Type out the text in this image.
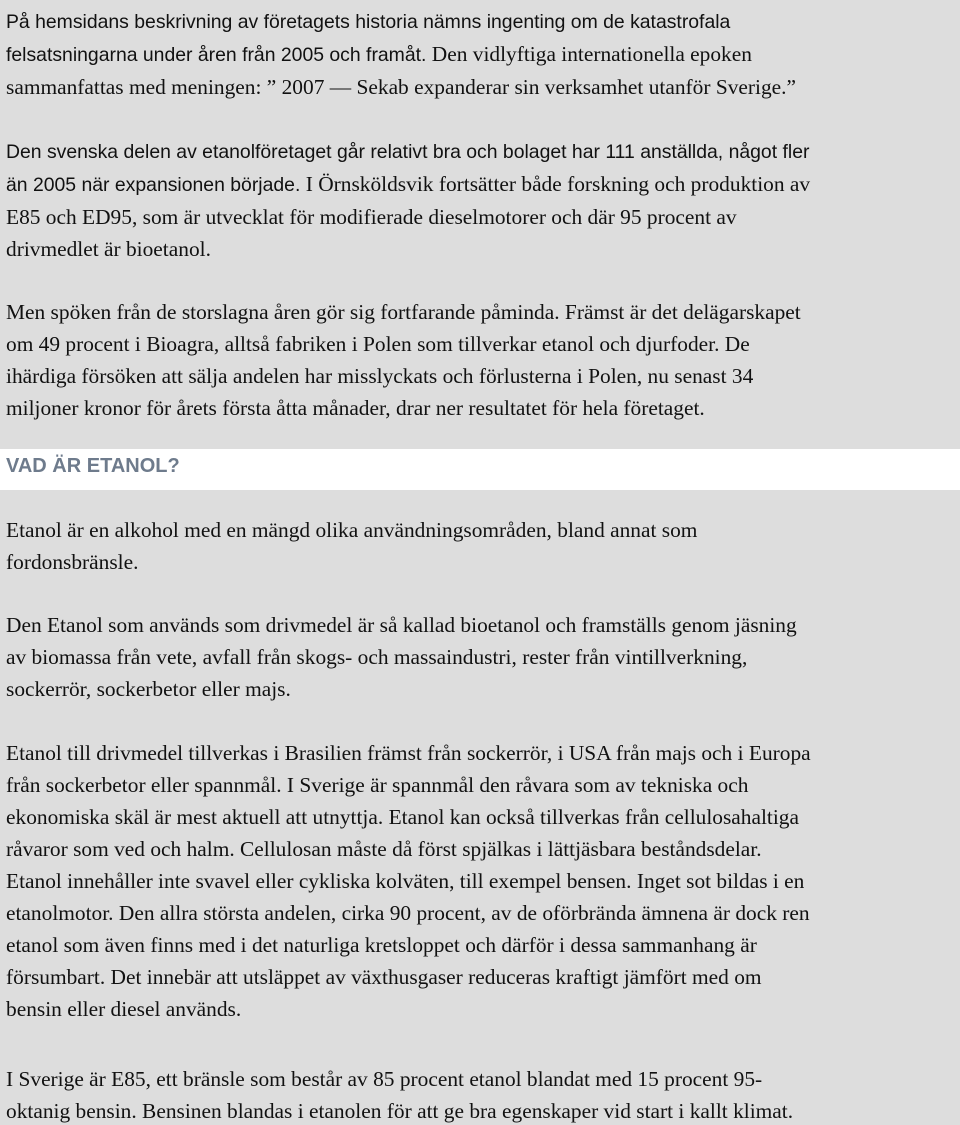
På hemsidans beskrivning av företagets historia nämns ingenting om de katastrofala
felsatsningarna under åren från 2005 och framåt. Den vidlyftiga internationella epoken
sammanfattas med meningen: ” 2007 — Sekab expanderar sin verksamhet utanför Sverige.”

Den svenska delen av etanolföretaget går relativt bra och bolaget har 111 anställda, något fler
än 2005 när expansionen började. I Örnsköldsvik fortsätter både forskning och produktion av
E85 och ED95, som är utvecklat för modifierade dieselmotorer och där 95 procent av
drivmedlet är bioetanol.

Men spöken från de storslagna åren gör sig fortfarande påminda. Främst är det delägarskapet
om 49 procent i Bioagra, alltså fabriken i Polen som tillverkar etanol och djurfoder. De
ihärdiga försöken att sälja andelen har misslyckats och förlusterna i Polen, nu senast 34
miljoner kronor för årets första åtta månader, drar ner resultatet för hela företaget.

VAD ÄR ETANOL?

Etanol är en alkohol med en mängd olika användningsområden, bland annat som
fordonsbränsle.

Den Etanol som används som drivmedel är så kallad bioetanol och framställs genom jäsning
av biomassa från vete, avfall från skogs- och massaindustri, rester från vintillverkning,
sockerrör, sockerbetor eller majs.

Etanol till drivmedel tillverkas i Brasilien främst från sockerrör, i USA från majs och i Europa
från sockerbetor eller spannmål. I Sverige är spannmål den råvara som av tekniska och
ekonomiska skäl är mest aktuell att utnyttja. Etanol kan också tillverkas från cellulosahaltiga
råvaror som ved och halm. Cellulosan måste då först spjälkas i lättjäsbara beståndsdelar.
Etanol innehåller inte svavel eller cykliska kolväten, till exempel bensen. Inget sot bildas i en
etanolmotor. Den allra största andelen, cirka 90 procent, av de oförbrända ämnena är dock ren
etanol som även finns med i det naturliga kretsloppet och därför i dessa sammanhang är
försumbart. Det innebär att utsläppet av växthusgaser reduceras kraftigt jämfört med om
bensin eller diesel används.

I Sverige är E85, ett bränsle som består av 85 procent etanol blandat med 15 procent 95-
oktanig bensin. Bensinen blandas i etanolen för att ge bra egenskaper vid start i kallt klimat.
